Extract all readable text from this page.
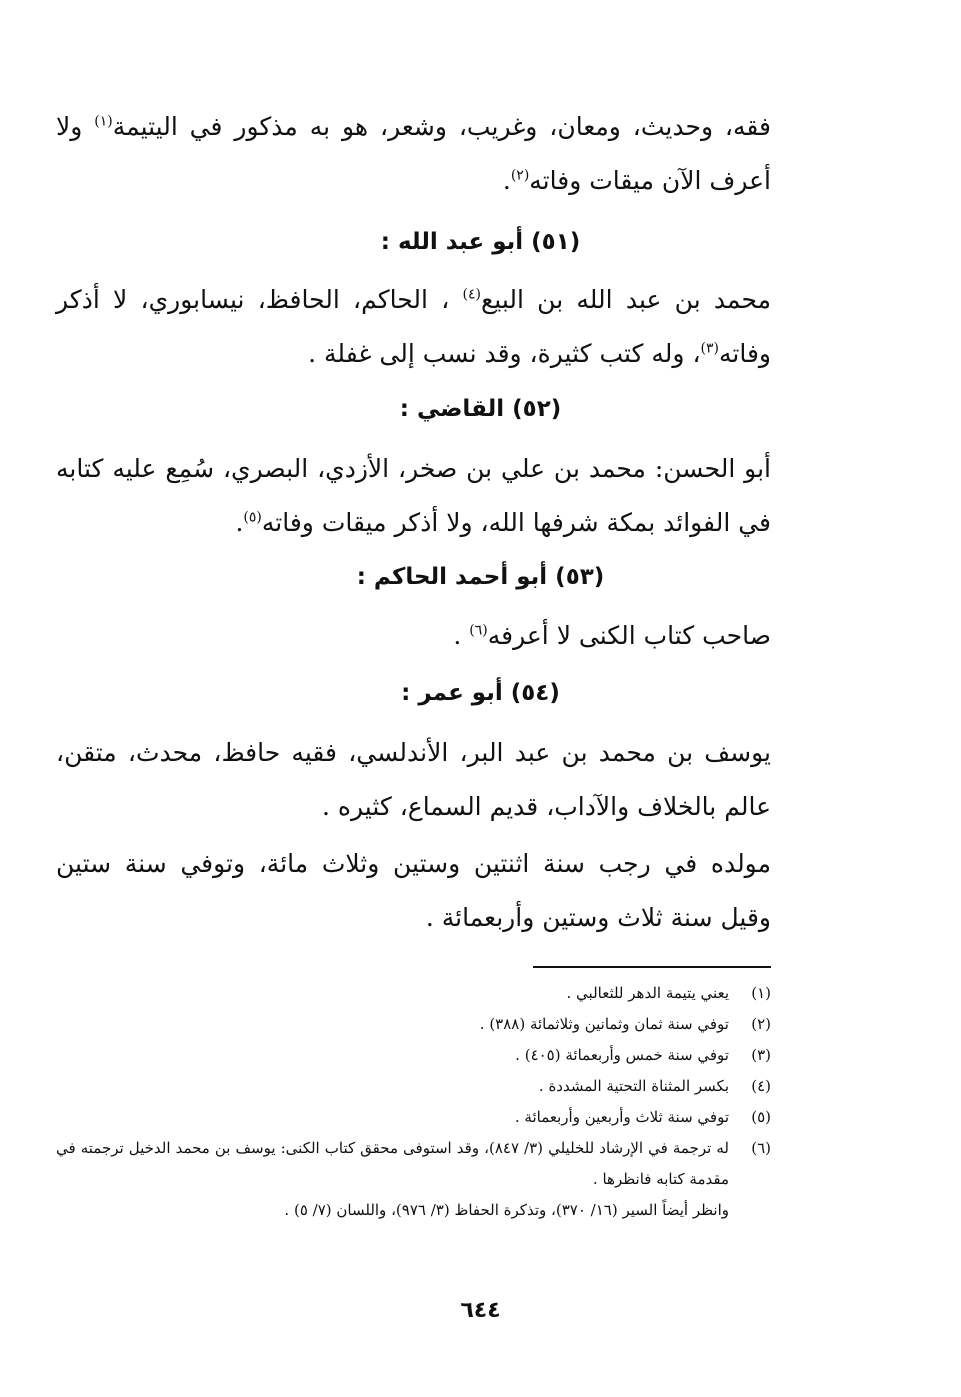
فقه، وحديث، ومعان، وغريب، وشعر، هو به مذكور في اليتيمة$^{(١)}$ ولا أعرف الآن ميقات وفاته$^{(٢)}$.
(٥١) أبو عبد الله :
محمد بن عبد الله بن البيع$^{(٤)}$ ، الحاكم، الحافظ، نيسابوري، لا أذكر وفاته$^{(٣)}$، وله كتب كثيرة، وقد نسب إلى غفلة .
(٥٢) القاضي :
أبو الحسن: محمد بن علي بن صخر، الأزدي، البصري، سُمِع عليه كتابه في الفوائد بمكة شرفها الله، ولا أذكر ميقات وفاته$^{(٥)}$.
(٥٣) أبو أحمد الحاكم :
صاحب كتاب الكنى لا أعرفه$^{(٦)}$ .
(٥٤) أبو عمر :
يوسف بن محمد بن عبد البر، الأندلسي، فقيه حافظ، محدث، متقن، عالم بالخلاف والآداب، قديم السماع، كثيره .
مولده في رجب سنة اثنتين وستين وثلاث مائة، وتوفي سنة ستين وقيل سنة ثلاث وستين وأربعمائة .
(١)
يعني يتيمة الدهر للثعالبي .
(٢)
توفي سنة ثمان وثمانين وثلاثمائة (٣٨٨) .
(٣)
توفي سنة خمس وأربعمائة (٤٠٥) .
(٤)
بكسر المثناة التحتية المشددة .
(٥)
توفي سنة ثلاث وأربعين وأربعمائة .
(٦)
له ترجمة في الإرشاد للخليلي (٣/ ٨٤٧)، وقد استوفى محقق كتاب الكنى: يوسف بن محمد الدخيل ترجمته في مقدمة كتابه فانظرها .
وانظر أيضاً السير (١٦/ ٣٧٠)، وتذكرة الحفاظ (٣/ ٩٧٦)، واللسان (٧/ ٥) .
٦٤٤
